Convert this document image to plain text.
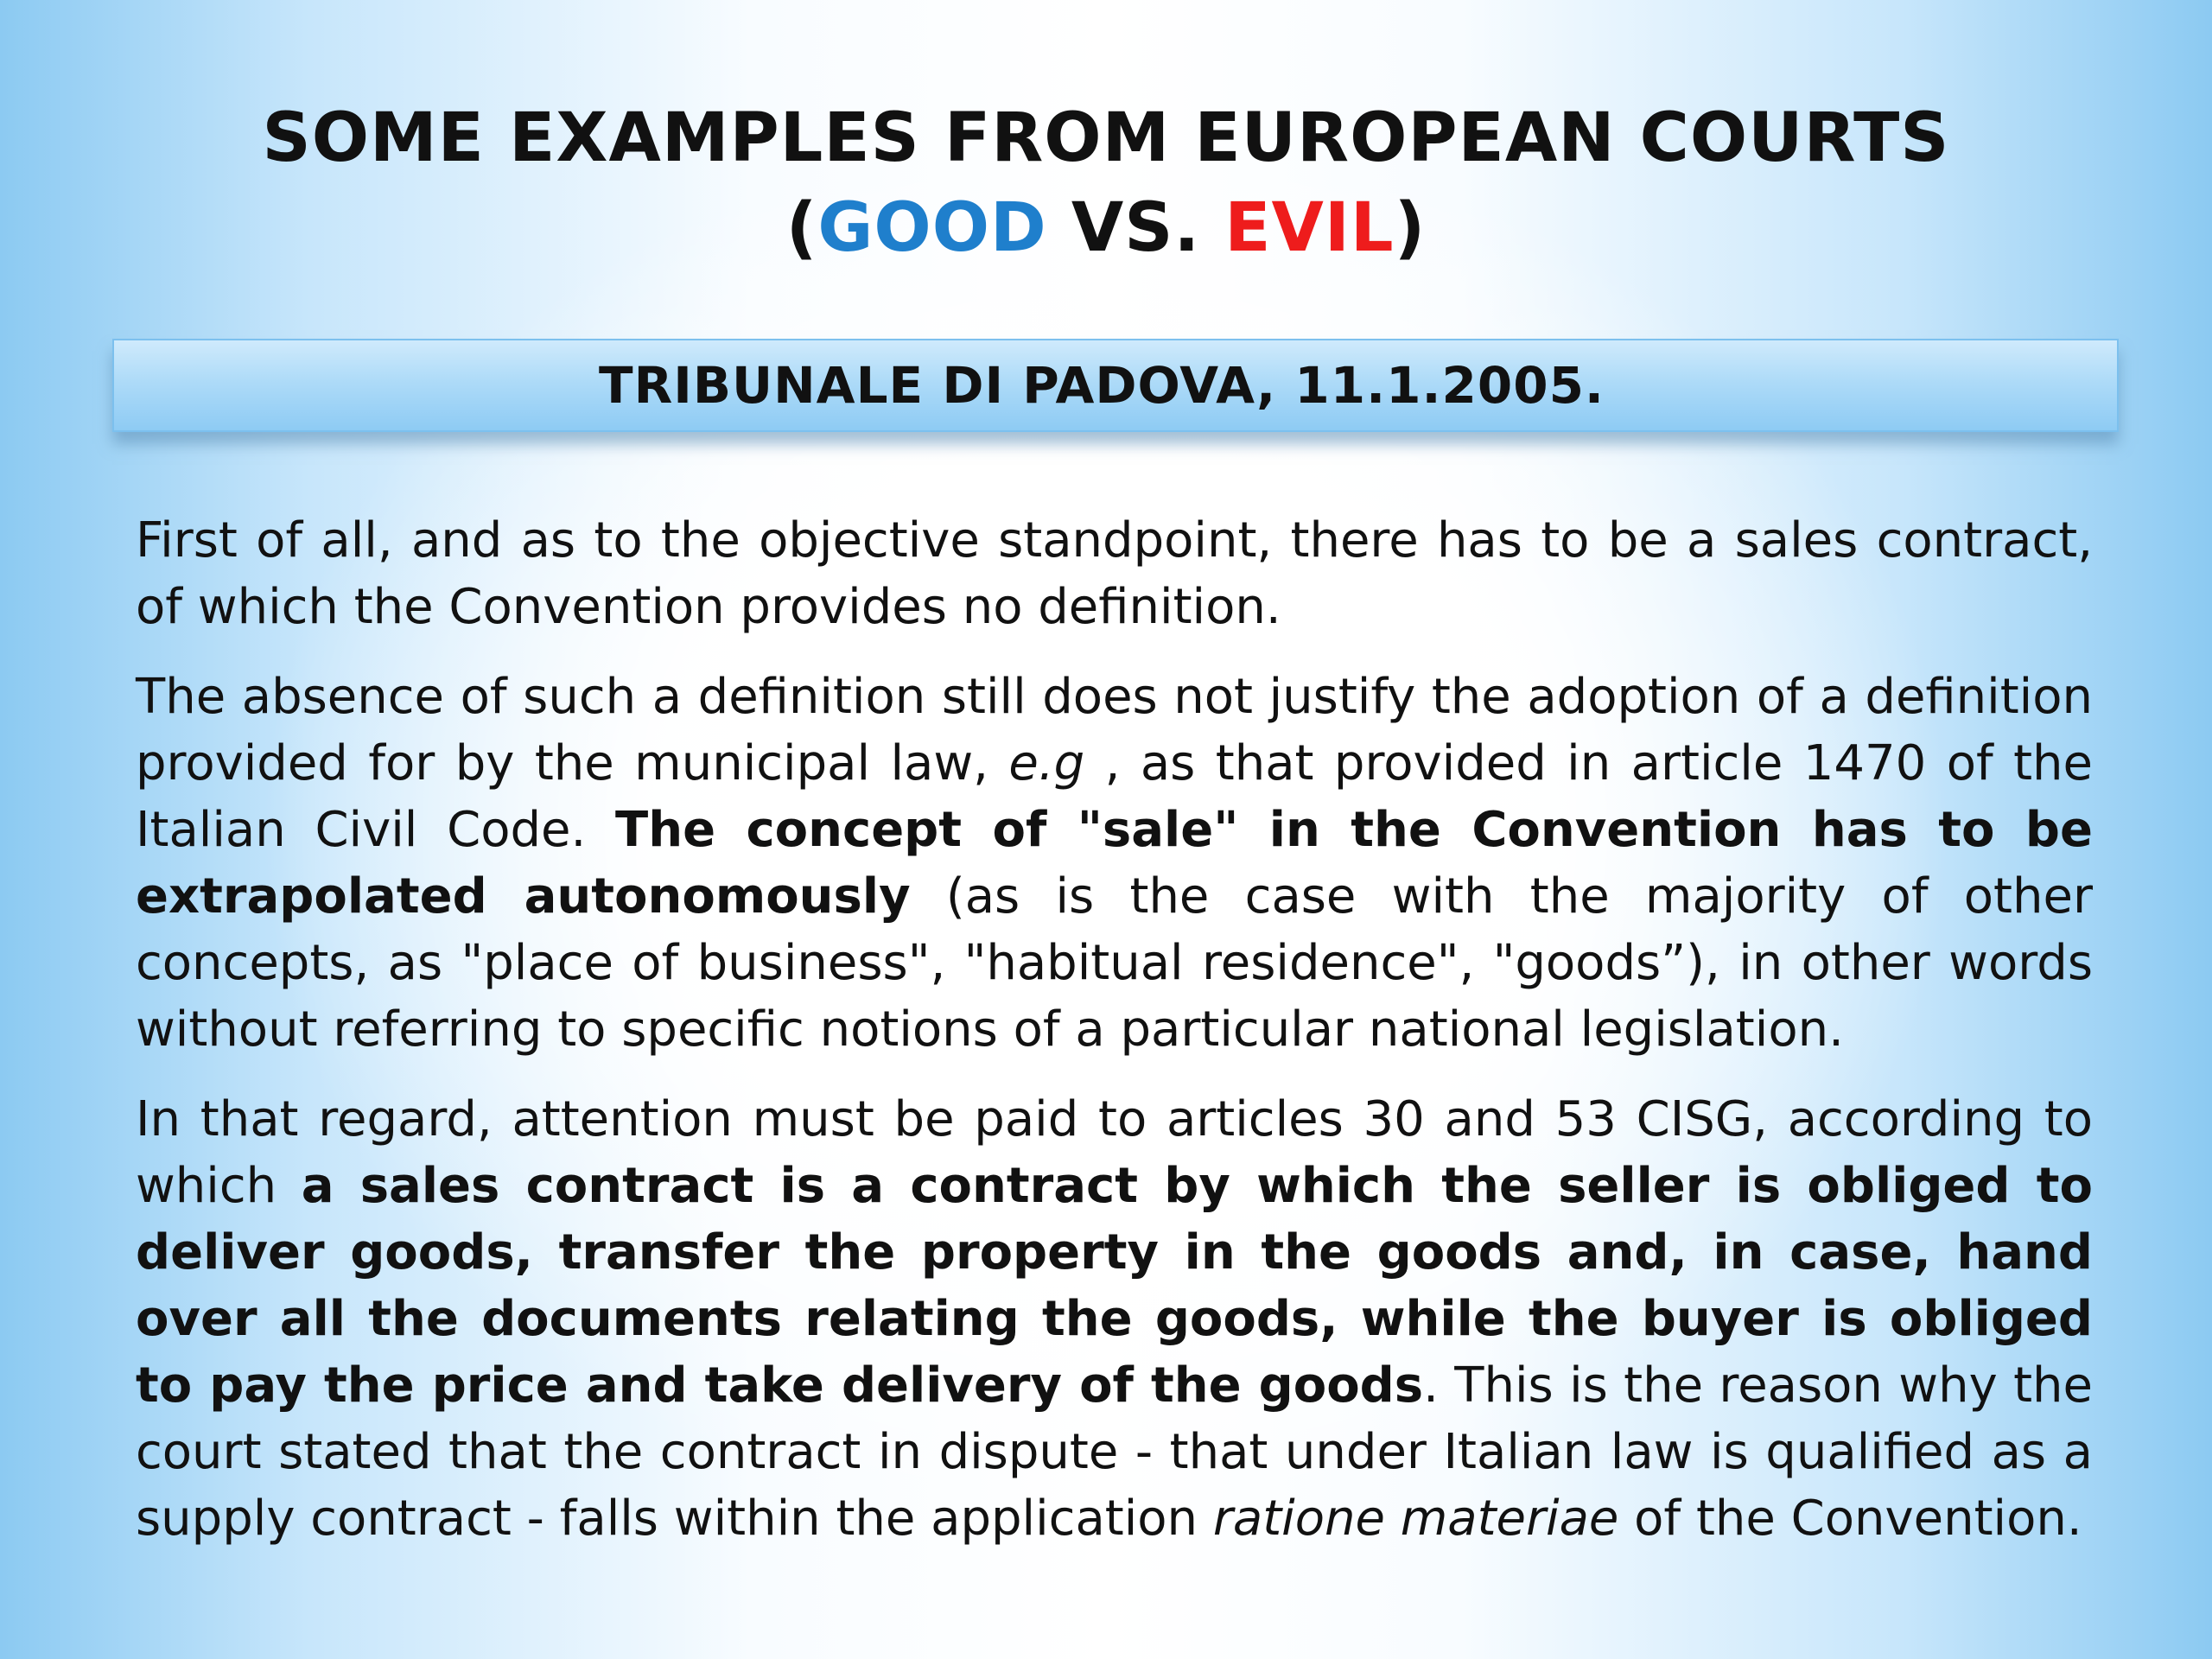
SOME EXAMPLES FROM EUROPEAN COURTS
(GOOD VS. EVIL)
TRIBUNALE DI PADOVA, 11.1.2005.

First of all, and as to the objective standpoint, there has to be a sales contract, of which the Convention provides no definition.

The absence of such a definition still does not justify the adoption of a definition provided for by the municipal law, e.g , as that provided in article 1470 of the Italian Civil Code. The concept of "sale" in the Convention has to be extrapolated autonomously (as is the case with the majority of other concepts, as "place of business", "habitual residence", "goods”), in other words without referring to specific notions of a particular national legislation.

In that regard, attention must be paid to articles 30 and 53 CISG, according to which a sales contract is a contract by which the seller is obliged to deliver goods, transfer the property in the goods and, in case, hand over all the documents relating the goods, while the buyer is obliged to pay the price and take delivery of the goods. This is the reason why the court stated that the contract in dispute - that under Italian law is qualified as a supply contract - falls within the application ratione materiae of the Convention.
